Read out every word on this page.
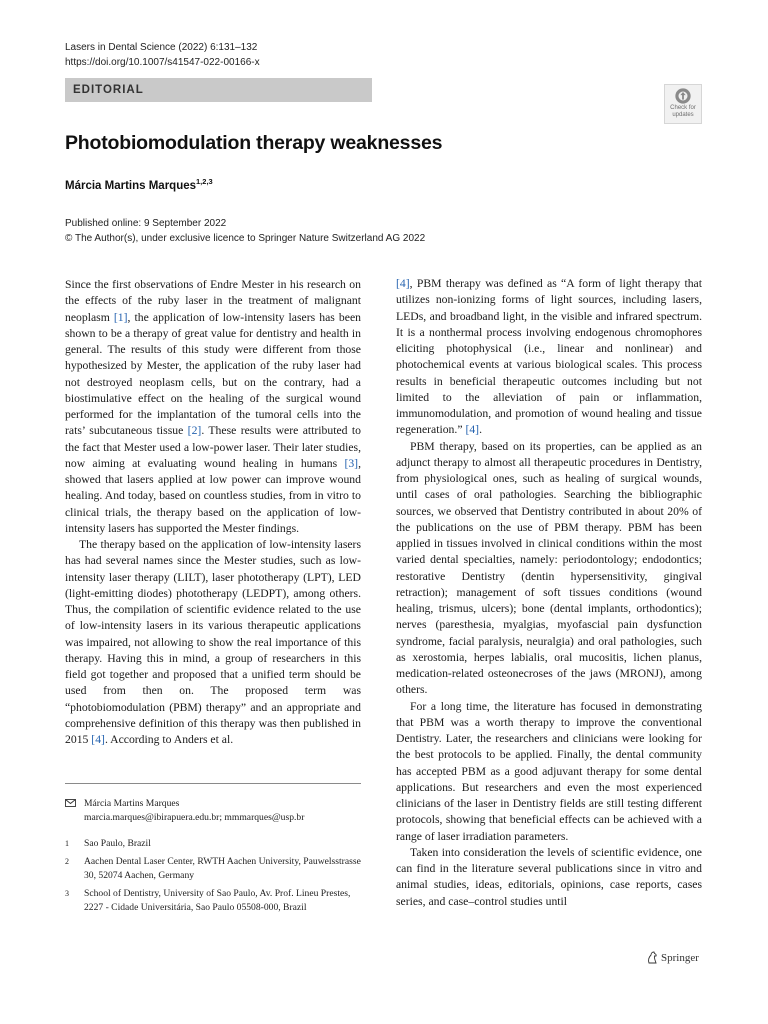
Lasers in Dental Science (2022) 6:131–132
https://doi.org/10.1007/s41547-022-00166-x
EDITORIAL
Check for
updates
Photobiomodulation therapy weaknesses
Márcia Martins Marques$^{1,2,3}$
Published online: 9 September 2022
© The Author(s), under exclusive licence to Springer Nature Switzerland AG 2022

Since the first observations of Endre Mester in his research on the effects of the ruby laser in the treatment of malignant neoplasm [1], the application of low-intensity lasers has been shown to be a therapy of great value for dentistry and health in general. The results of this study were different from those hypothesized by Mester, the application of the ruby laser had not destroyed neoplasm cells, but on the contrary, had a biostimulative effect on the healing of the surgical wound performed for the implantation of the tumoral cells into the rats’ subcutaneous tissue [2]. These results were attributed to the fact that Mester used a low-power laser. Their later studies, now aiming at evaluating wound healing in humans [3], showed that lasers applied at low power can improve wound healing. And today, based on countless studies, from in vitro to clinical trials, the therapy based on the application of low-intensity lasers has supported the Mester findings.

The therapy based on the application of low-intensity lasers has had several names since the Mester studies, such as low-intensity laser therapy (LILT), laser phototherapy (LPT), LED (light-emitting diodes) phototherapy (LEDPT), among others. Thus, the compilation of scientific evidence related to the use of low-intensity lasers in its various therapeutic applications was impaired, not allowing to show the real importance of this therapy. Having this in mind, a group of researchers in this field got together and proposed that a unified term should be used from then on. The proposed term was “photobiomodulation (PBM) therapy” and an appropriate and comprehensive definition of this therapy was then published in 2015 [4]. According to Anders et al.

[4], PBM therapy was defined as “A form of light therapy that utilizes non-ionizing forms of light sources, including lasers, LEDs, and broadband light, in the visible and infrared spectrum. It is a nonthermal process involving endogenous chromophores eliciting photophysical (i.e., linear and nonlinear) and photochemical events at various biological scales. This process results in beneficial therapeutic outcomes including but not limited to the alleviation of pain or inflammation, immunomodulation, and promotion of wound healing and tissue regeneration.” [4].

PBM therapy, based on its properties, can be applied as an adjunct therapy to almost all therapeutic procedures in Dentistry, from physiological ones, such as healing of surgical wounds, until cases of oral pathologies. Searching the bibliographic sources, we observed that Dentistry contributed in about 20% of the publications on the use of PBM therapy. PBM has been applied in tissues involved in clinical conditions within the most varied dental specialties, namely: periodontology; endodontics; restorative Dentistry (dentin hypersensitivity, gingival retraction); management of soft tissues conditions (wound healing, trismus, ulcers); bone (dental implants, orthodontics); nerves (paresthesia, myalgias, myofascial pain dysfunction syndrome, facial paralysis, neuralgia) and oral pathologies, such as xerostomia, herpes labialis, oral mucositis, lichen planus, medication-related osteonecroses of the jaws (MRONJ), among others.

For a long time, the literature has focused in demonstrating that PBM was a worth therapy to improve the conventional Dentistry. Later, the researchers and clinicians were looking for the best protocols to be applied. Finally, the dental community has accepted PBM as a good adjuvant therapy for some dental applications. But researchers and even the most experienced clinicians of the laser in Dentistry fields are still testing different protocols, showing that beneficial effects can be achieved with a range of laser irradiation parameters.

Taken into consideration the levels of scientific evidence, one can find in the literature several publications since in vitro and animal studies, ideas, editorials, opinions, case reports, cases series, and case–control studies until

Márcia Martins Marques
marcia.marques@ibirapuera.edu.br; mmmarques@usp.br
1 Sao Paulo, Brazil
2 Aachen Dental Laser Center, RWTH Aachen University, Pauwelsstrasse 30, 52074 Aachen, Germany
3 School of Dentistry, University of Sao Paulo, Av. Prof. Lineu Prestes, 2227 - Cidade Universitária, Sao Paulo 05508-000, Brazil
Springer
